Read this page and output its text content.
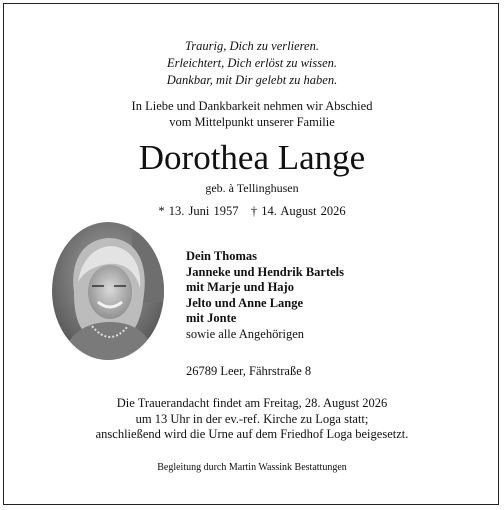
Traurig, Dich zu verlieren.
Erleichtert, Dich erlöst zu wissen.
Dankbar, mit Dir gelebt zu haben.
In Liebe und Dankbarkeit nehmen wir Abschied
vom Mittelpunkt unserer Familie
Dorothea Lange
geb. à Tellinghusen
* 13. Juni 1957 † 14. August 2026
Dein Thomas
Janneke und Hendrik Bartels
mit Marje und Hajo
Jelto und Anne Lange
mit Jonte
sowie alle Angehörigen
26789 Leer, Fährstraße 8
Die Trauerandacht findet am Freitag, 28. August 2026
um 13 Uhr in der ev.-ref. Kirche zu Loga statt;
anschließend wird die Urne auf dem Friedhof Loga beigesetzt.
Begleitung durch Martin Wassink Bestattungen
